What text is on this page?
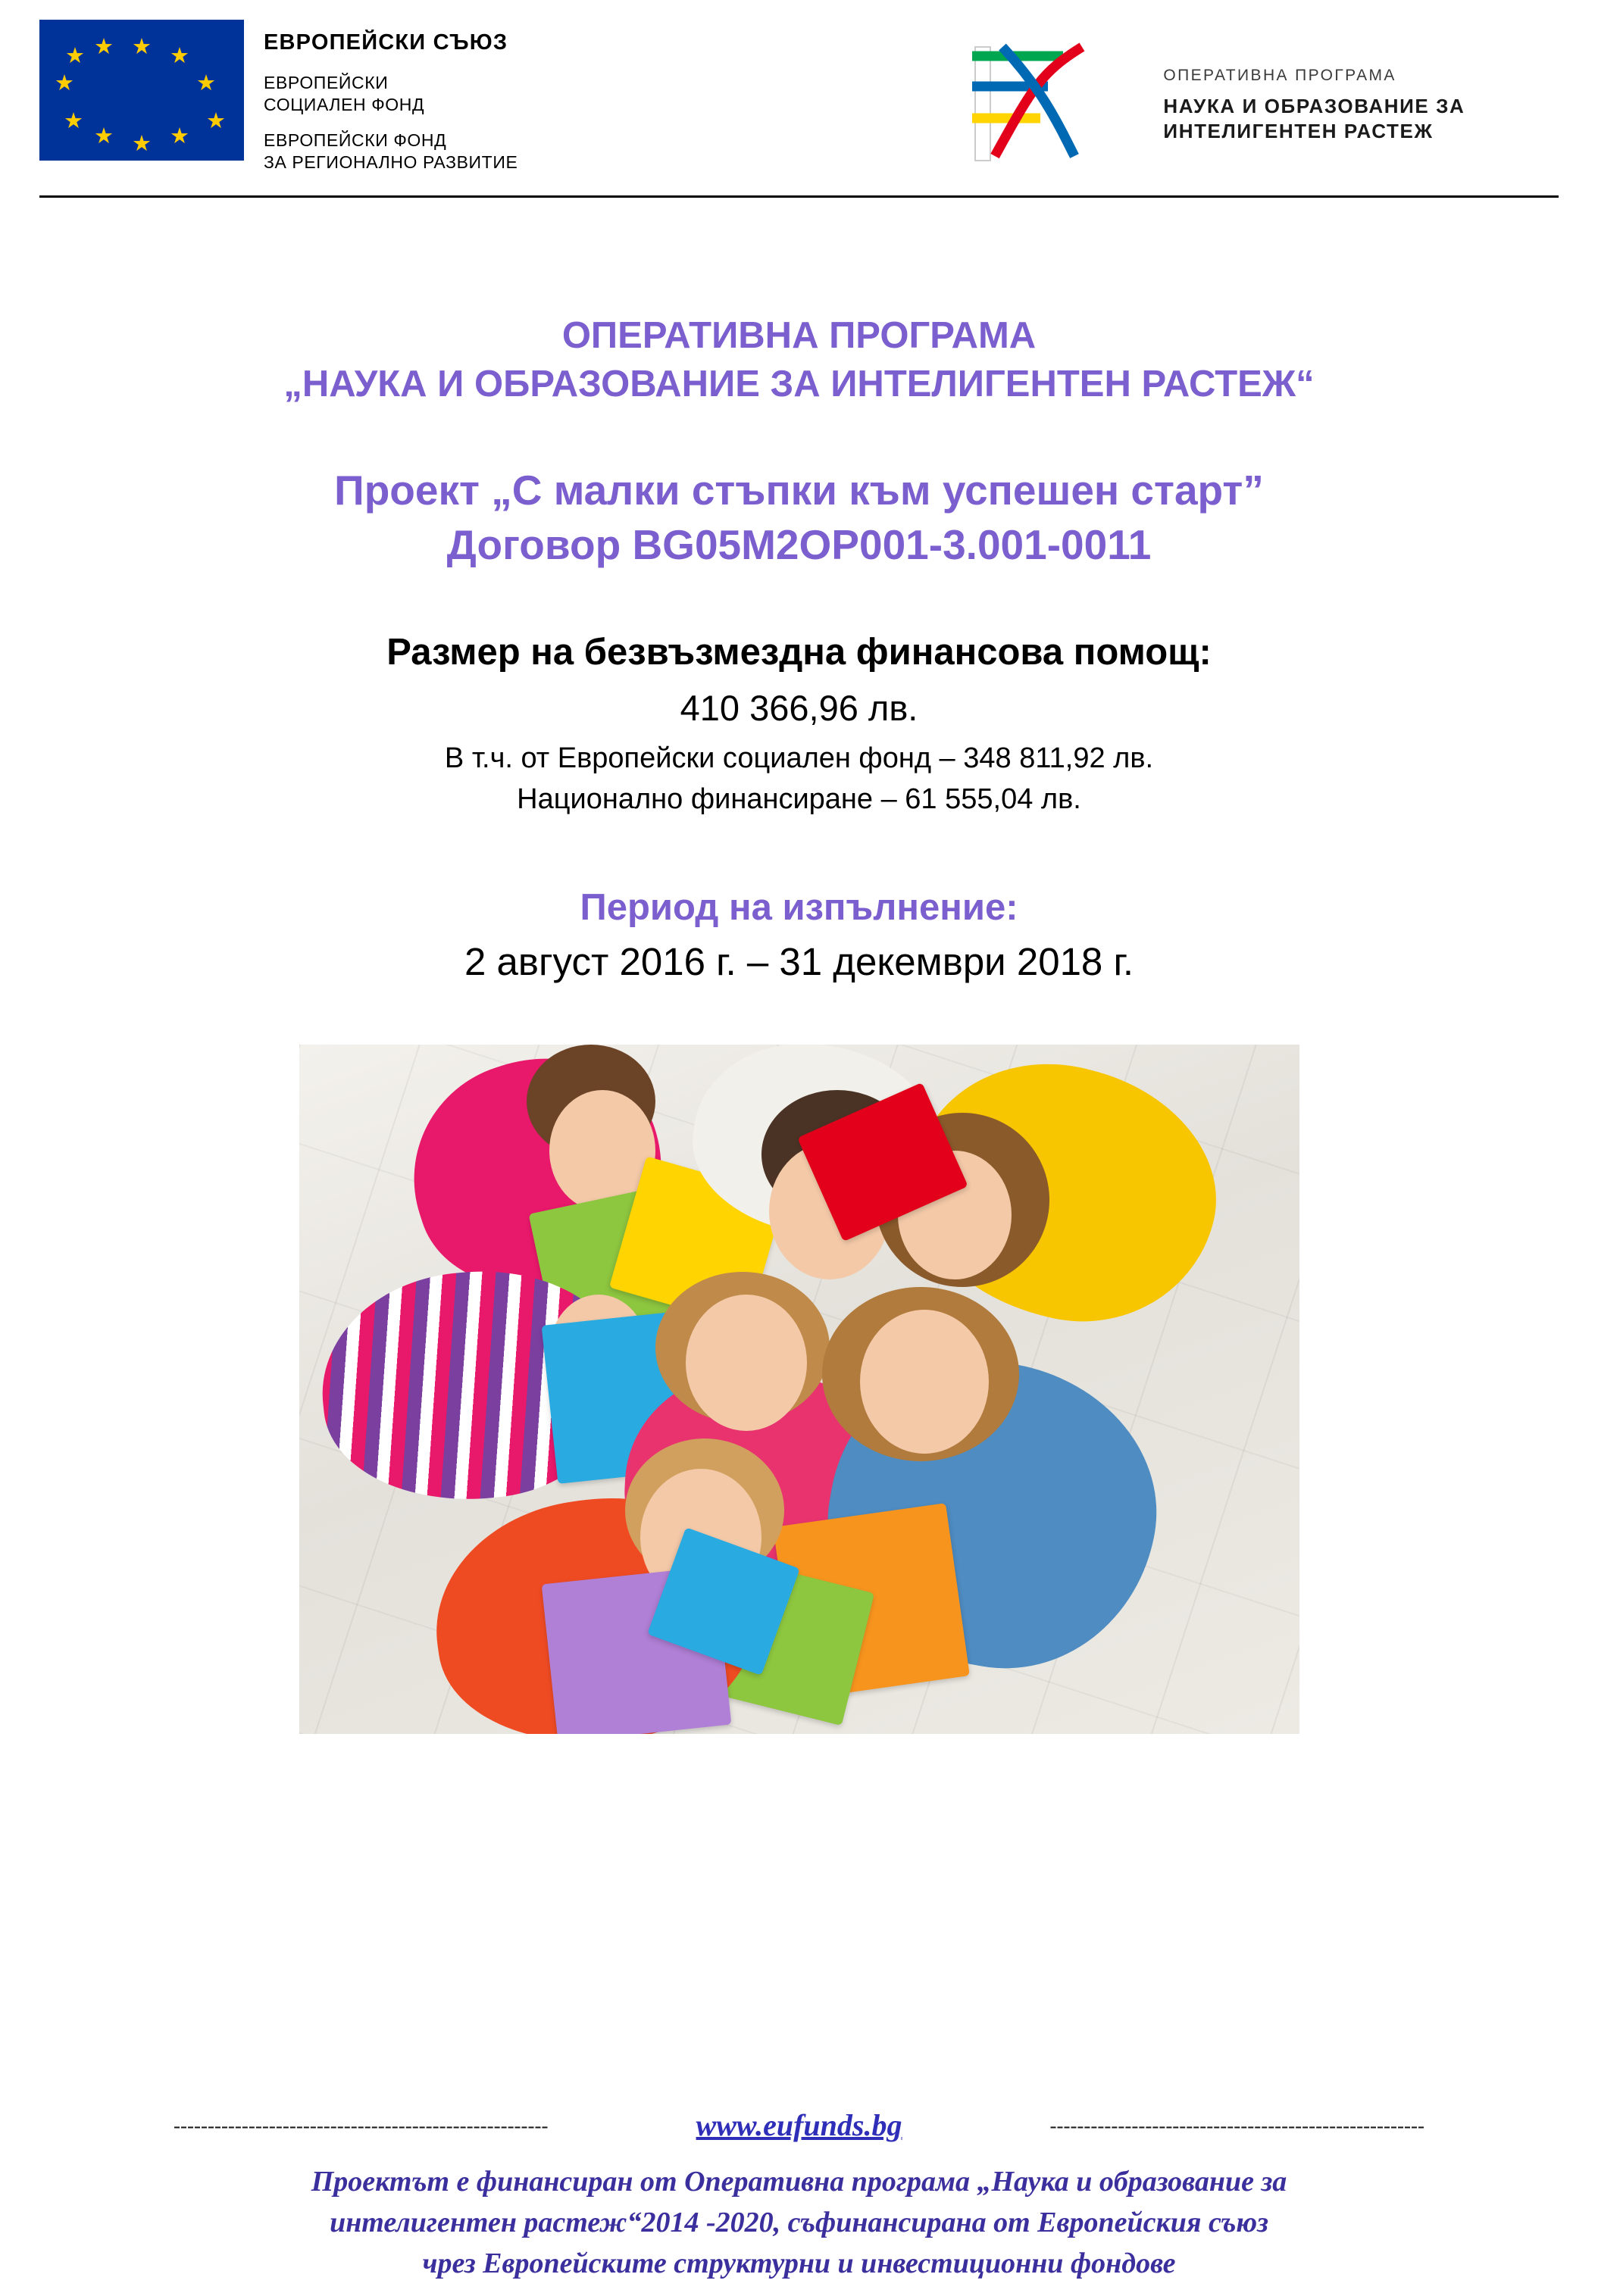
★ ★
★
★
★
★
★
★
★
★ ★	ЕВРОПЕЙСКИ СЪЮЗ
ЕВРОПЕЙСКИ
СОЦИАЛЕН ФОНД
ЕВРОПЕЙСКИ ФОНД
ЗА РЕГИОНАЛНО РАЗВИТИЕ
ОПЕРАТИВНА ПРОГРАМА
НАУКА И ОБРАЗОВАНИЕ ЗА
ИНТЕЛИГЕНТЕН РАСТЕЖ
ОПЕРАТИВНА ПРОГРАМА
„НАУКА И ОБРАЗОВАНИЕ ЗА ИНТЕЛИГЕНТЕН РАСТЕЖ“
Проект „С малки стъпки към успешен старт”
Договор BG05M2OP001-3.001-0011
Размер на безвъзмездна финансова помощ:
410 366,96 лв.
В т.ч. от Европейски социален фонд – 348 811,92 лв.
Национално финансиране – 61 555,04 лв.
Период на изпълнение:
2 август 2016 г. – 31 декември 2018 г.
-------------------------------------------------------	www.eufunds.bg	-------------------------------------------------------
Проектът е финансиран от Оперативна програма „Наука и образование за
интелигентен растеж“2014 -2020, съфинансирана от Европейския съюз
чрез Европейските структурни и инвестиционни фондове
